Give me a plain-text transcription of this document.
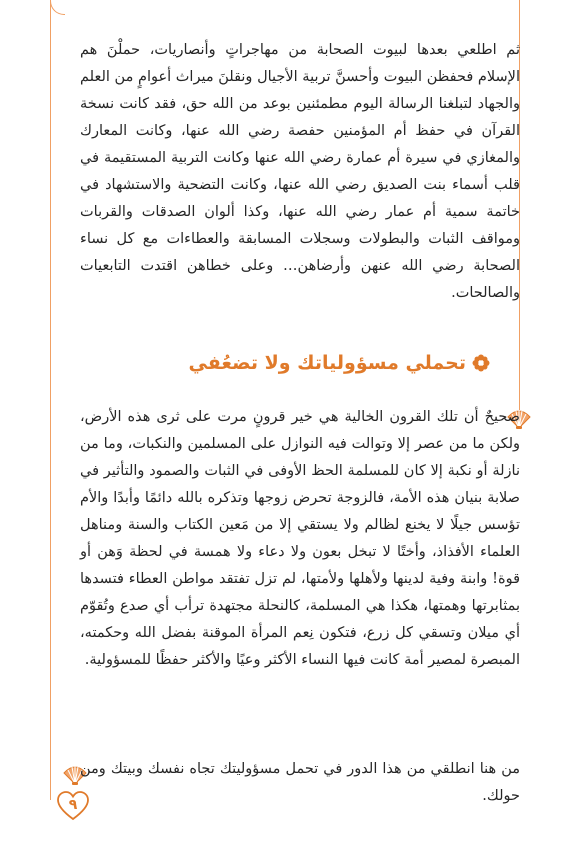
ثم اطلعي بعدها لبيوت الصحابة من مهاجراتٍ وأنصاريات، حملْنَ هم الإسلام فحفظن البيوت وأحسنَّ تربية الأجيال ونقلنَ ميراث أعوامٍ من العلم والجهاد لتبلغنا الرسالة اليوم مطمئنين بوعد من الله حق، فقد كانت نسخة القرآن في حفظ أم المؤمنين حفصة رضي الله عنها، وكانت المعارك والمغازي في سيرة أم عمارة رضي الله عنها وكانت التربية المستقيمة في قلب أسماء بنت الصديق رضي الله عنها، وكانت التضحية والاستشهاد في خاتمة سمية أم عمار رضي الله عنها، وكذا ألوان الصدقات والقربات ومواقف الثبات والبطولات وسجلات المسابقة والعطاءات مع كل نساء الصحابة رضي الله عنهن وأرضاهن… وعلى خطاهن اقتدت التابعيات والصالحات.

تحملي مسؤولياتك ولا تضعُفي

صحيحٌ أن تلك القرون الخالية هي خير قرونٍ مرت على ثرى هذه الأرض، ولكن ما من عصر إلا وتوالت فيه النوازل على المسلمين والنكبات، وما من نازلة أو نكبة إلا كان للمسلمة الحظ الأوفى في الثبات والصمود والتأثير في صلابة بنيان هذه الأمة، فالزوجة تحرض زوجها وتذكره بالله دائمًا وأبدًا والأم تؤسس جيلًا لا يخنع لظالم ولا يستقي إلا من مَعين الكتاب والسنة ومناهل العلماء الأفذاذ، وأختًا لا تبخل بعون ولا دعاء ولا همسة في لحظة وَهن أو قوة! وابنة وفية لدينها ولأهلها ولأمتها، لم تزل تفتقد مواطن العطاء فتسدها بمثابرتها وهمتها، هكذا هي المسلمة، كالنحلة مجتهدة ترأب أي صدع وتُقوّم أي ميلان وتسقي كل زرع، فتكون نِعم المرأة الموقنة بفضل الله وحكمته، المبصرة لمصير أمة كانت فيها النساء الأكثر وعيًا والأكثر حفظًا للمسؤولية.

من هنا انطلقي من هذا الدور في تحمل مسؤوليتك تجاه نفسك وبيتك ومن حولك.

٩
